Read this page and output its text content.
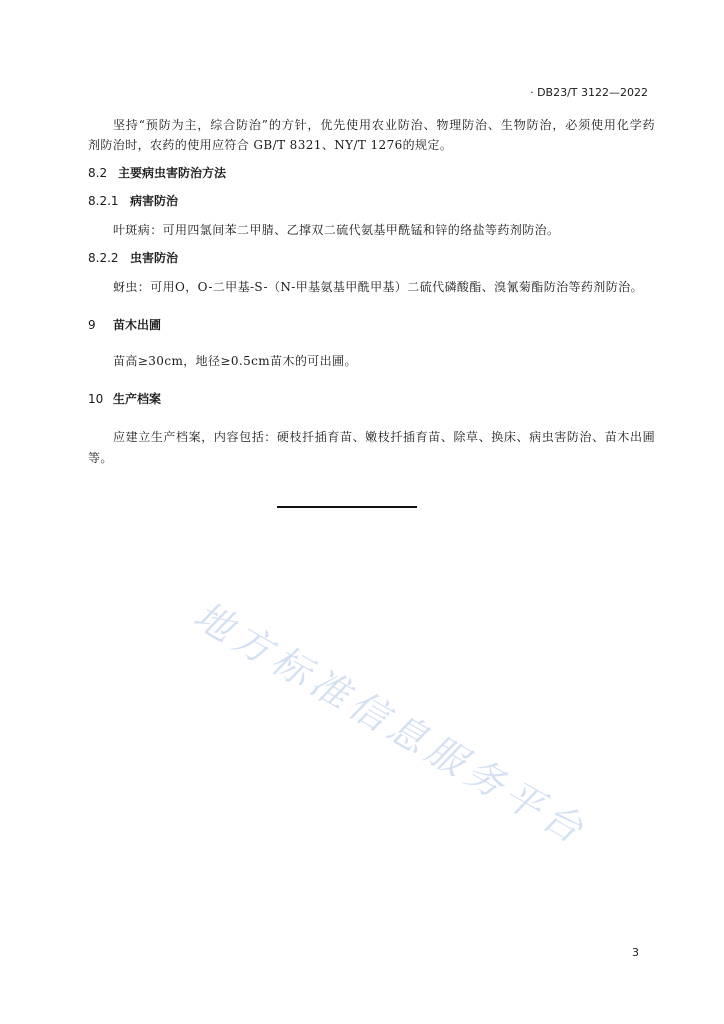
· DB23/T 3122—2022
坚持“预防为主，综合防治”的方针，优先使用农业防治、物理防治、生物防治，必须使用化学药
剂防治时，农药的使用应符合 GB/T 8321、NY/T 1276的规定。
8.2 主要病虫害防治方法
8.2.1 病害防治
叶斑病：可用四氯间苯二甲腈、乙撑双二硫代氨基甲酰锰和锌的络盐等药剂防治。
8.2.2 虫害防治
蚜虫：可用O，O-二甲基-S-（N-甲基氨基甲酰甲基）二硫代磷酸酯、溴氰菊酯防治等药剂防治。
9 苗木出圃
苗高≥30cm，地径≥0.5cm苗木的可出圃。
10 生产档案
应建立生产档案，内容包括：硬枝扦插育苗、嫩枝扦插育苗、除草、换床、病虫害防治、苗木出圃
等。
地方标准信息服务平台
3
